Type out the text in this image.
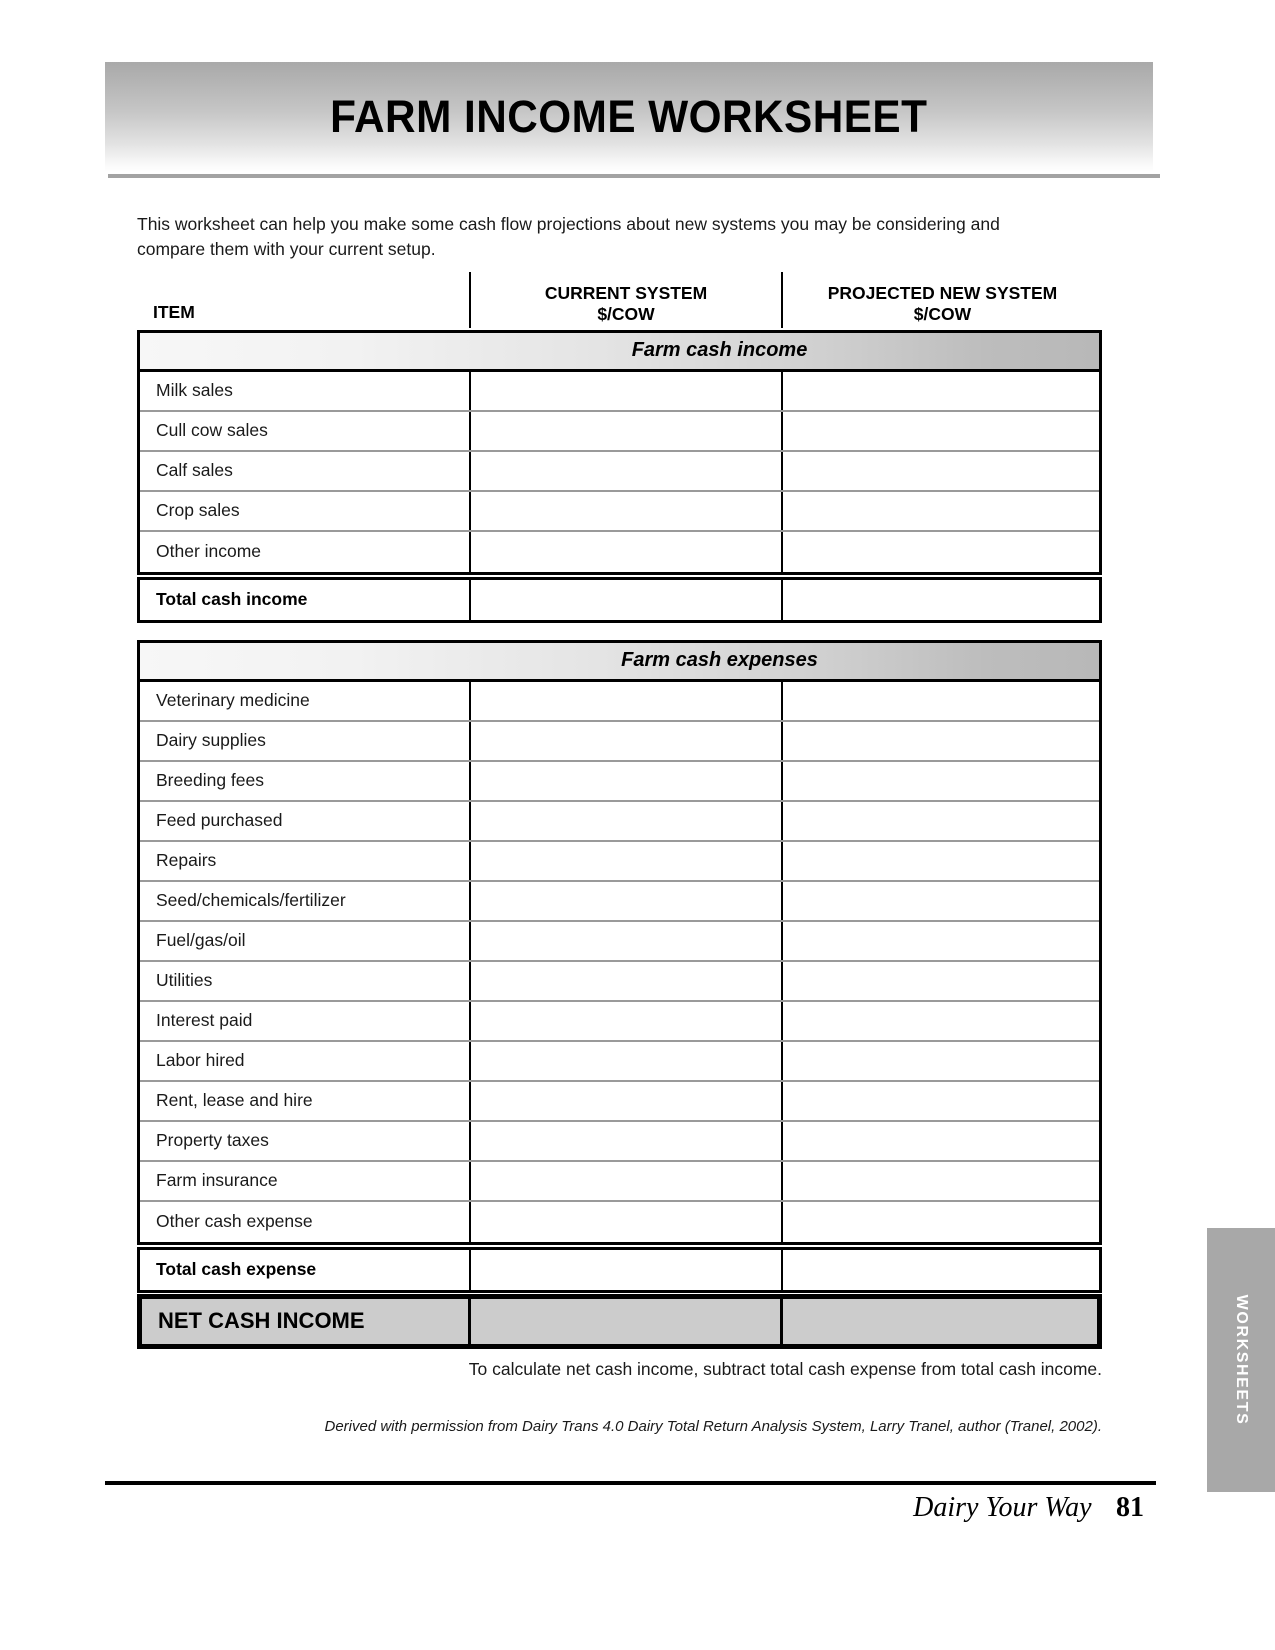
FARM INCOME WORKSHEET

This worksheet can help you make some cash flow projections about new systems you may be considering and compare them with your current setup.

ITEM
CURRENT SYSTEM
$/COW
PROJECTED NEW SYSTEM
$/COW
Farm cash income
Milk sales
Cull cow sales
Calf sales
Crop sales
Other income
Total cash income
Farm cash expenses
Veterinary medicine
Dairy supplies
Breeding fees
Feed purchased
Repairs
Seed/chemicals/fertilizer
Fuel/gas/oil
Utilities
Interest paid
Labor hired
Rent, lease and hire
Property taxes
Farm insurance
Other cash expense
Total cash expense
NET CASH INCOME
To calculate net cash income, subtract total cash expense from total cash income.
Derived with permission from Dairy Trans 4.0 Dairy Total Return Analysis System, Larry Tranel, author (Tranel, 2002).
WORKSHEETS
Dairy Your Way 81
